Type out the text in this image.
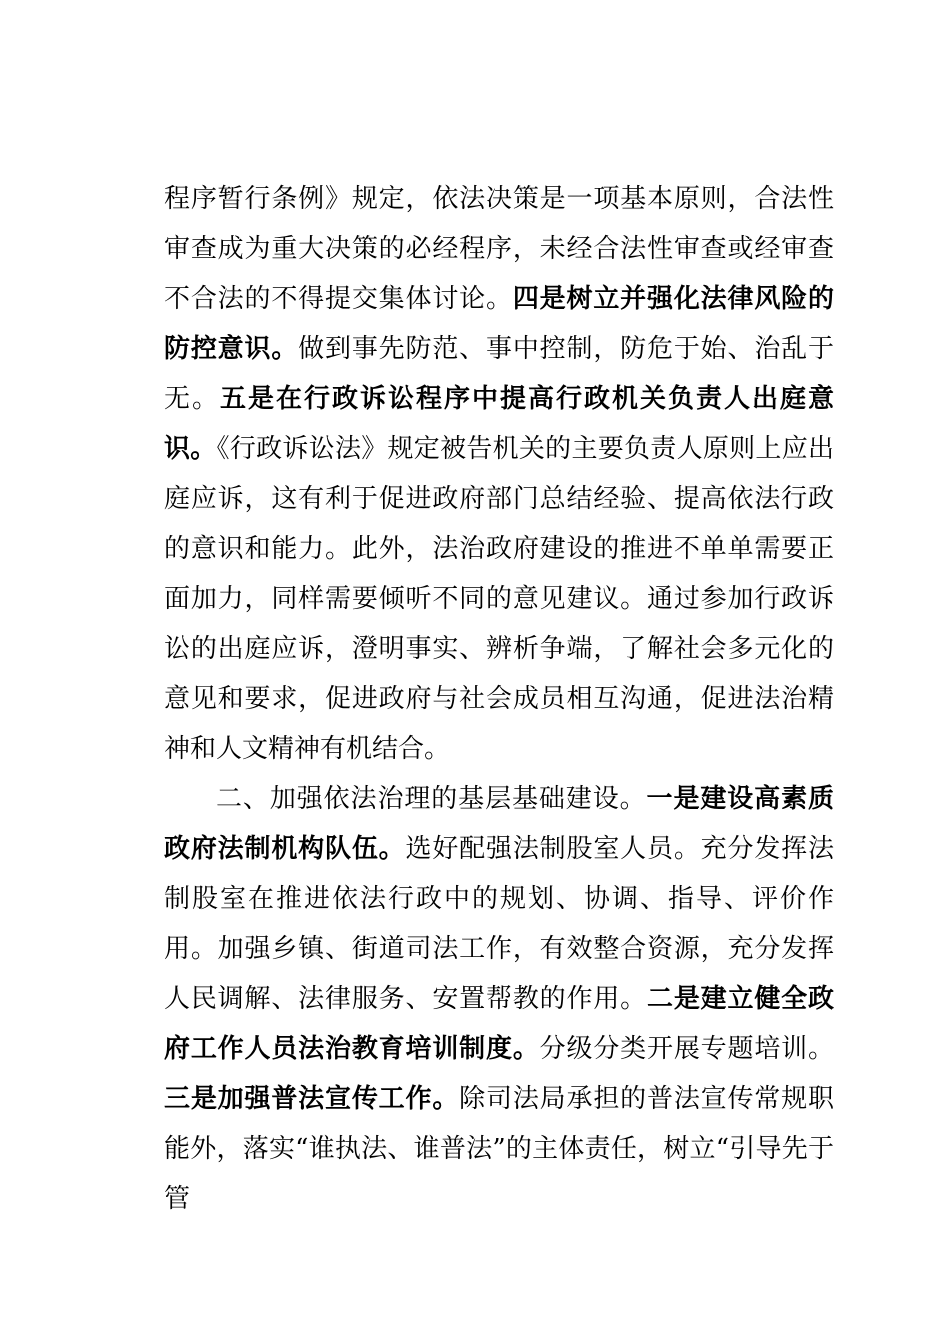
程序暂行条例》规定，依法决策是一项基本原则，合法性审查成为重大决策的必经程序，未经合法性审查或经审查不合法的不得提交集体讨论。四是树立并强化法律风险的防控意识。做到事先防范、事中控制，防危于始、治乱于无。五是在行政诉讼程序中提高行政机关负责人出庭意识。《行政诉讼法》规定被告机关的主要负责人原则上应出庭应诉，这有利于促进政府部门总结经验、提高依法行政的意识和能力。此外，法治政府建设的推进不单单需要正面加力，同样需要倾听不同的意见建议。通过参加行政诉讼的出庭应诉，澄明事实、辨析争端，了解社会多元化的意见和要求，促进政府与社会成员相互沟通，促进法治精神和人文精神有机结合。

二、加强依法治理的基层基础建设。一是建设高素质政府法制机构队伍。选好配强法制股室人员。充分发挥法制股室在推进依法行政中的规划、协调、指导、评价作用。加强乡镇、街道司法工作，有效整合资源，充分发挥人民调解、法律服务、安置帮教的作用。二是建立健全政府工作人员法治教育培训制度。分级分类开展专题培训。三是加强普法宣传工作。除司法局承担的普法宣传常规职能外，落实“谁执法、谁普法”的主体责任，树立“引导先于管
